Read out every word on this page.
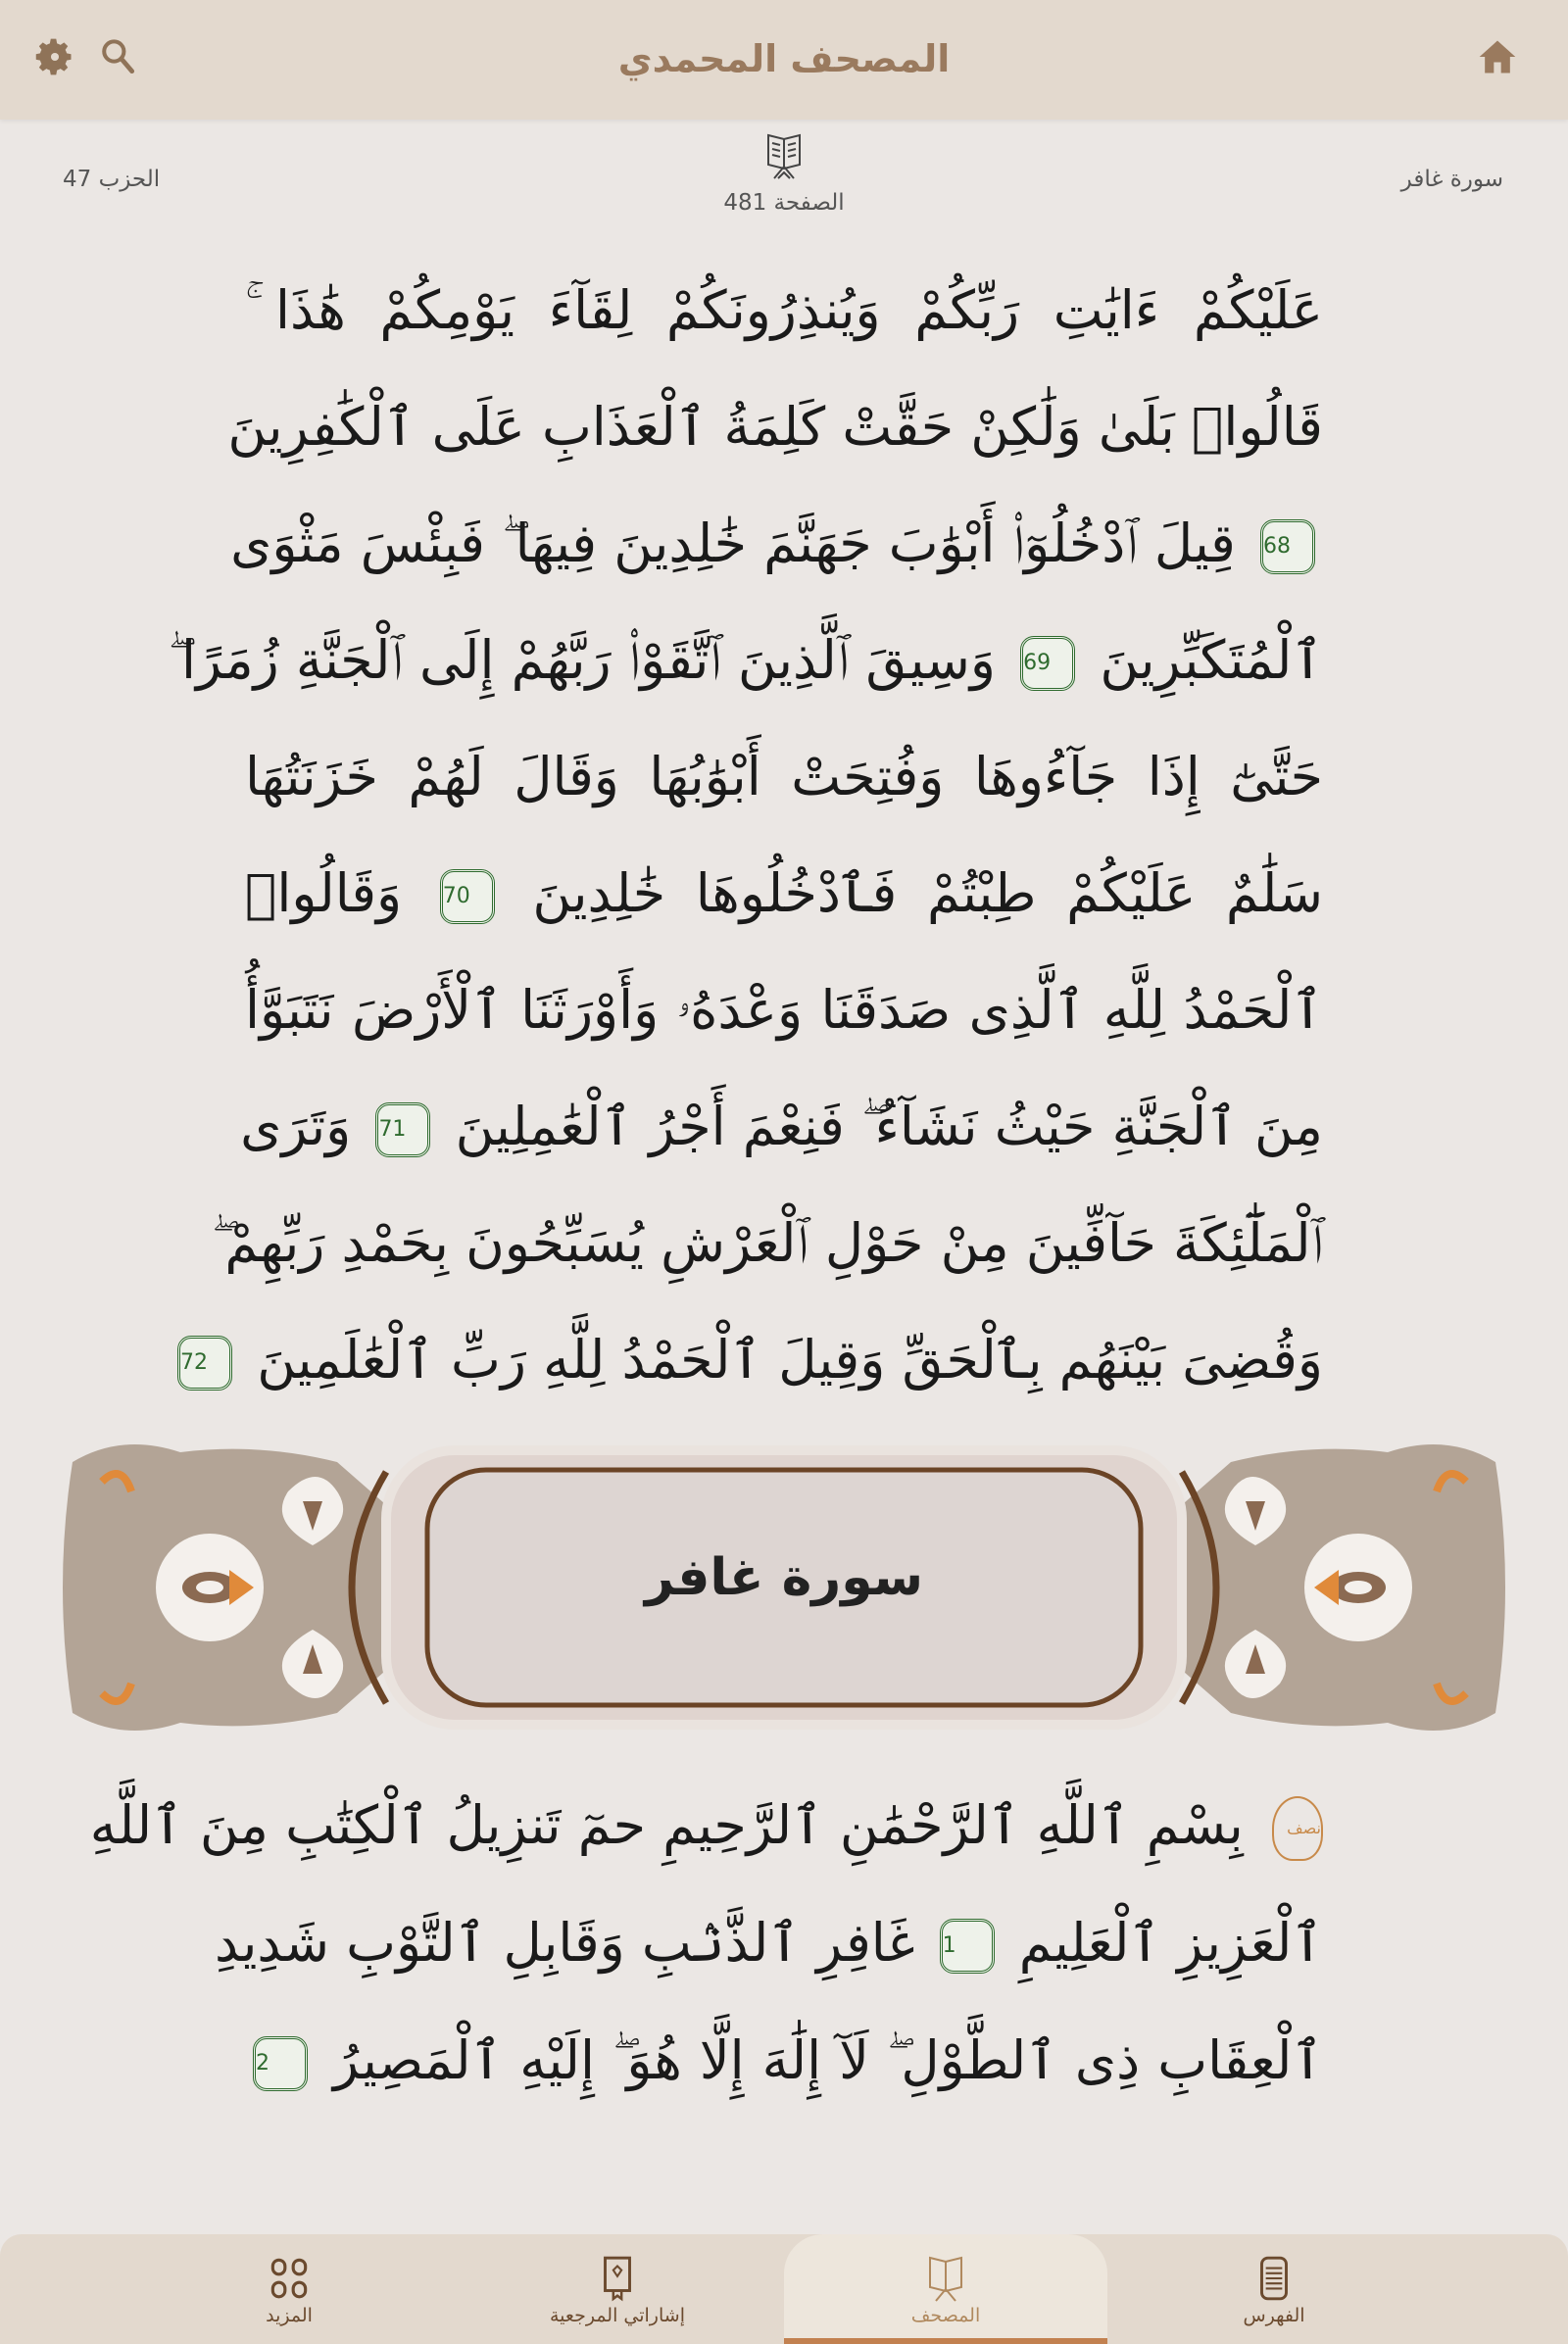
المصحف المحمدي
سورة غافر
الصفحة 481
الحزب 47
عَلَيْكُمْ ءَايَٰتِ رَبِّكُمْ وَيُنذِرُونَكُمْ لِقَآءَ يَوْمِكُمْ هَٰذَا ۚ
قَالُوا۟ بَلَىٰ وَلَٰكِنْ حَقَّتْ كَلِمَةُ ٱلْعَذَابِ عَلَى ٱلْكَٰفِرِينَ
68 قِيلَ ٱدْخُلُوٓا۟ أَبْوَٰبَ جَهَنَّمَ خَٰلِدِينَ فِيهَا ۖ فَبِئْسَ مَثْوَى
ٱلْمُتَكَبِّرِينَ 69 وَسِيقَ ٱلَّذِينَ ٱتَّقَوْا۟ رَبَّهُمْ إِلَى ٱلْجَنَّةِ زُمَرًا ۖ
حَتَّىٰٓ إِذَا جَآءُوهَا وَفُتِحَتْ أَبْوَٰبُهَا وَقَالَ لَهُمْ خَزَنَتُهَا
سَلَٰمٌ عَلَيْكُمْ طِبْتُمْ فَٱدْخُلُوهَا خَٰلِدِينَ 70 وَقَالُوا۟
ٱلْحَمْدُ لِلَّهِ ٱلَّذِى صَدَقَنَا وَعْدَهُۥ وَأَوْرَثَنَا ٱلْأَرْضَ نَتَبَوَّأُ
مِنَ ٱلْجَنَّةِ حَيْثُ نَشَآءُ ۖ فَنِعْمَ أَجْرُ ٱلْعَٰمِلِينَ 71 وَتَرَى
ٱلْمَلَٰٓئِكَةَ حَآفِّينَ مِنْ حَوْلِ ٱلْعَرْشِ يُسَبِّحُونَ بِحَمْدِ رَبِّهِمْ ۖ
وَقُضِىَ بَيْنَهُم بِٱلْحَقِّ وَقِيلَ ٱلْحَمْدُ لِلَّهِ رَبِّ ٱلْعَٰلَمِينَ 72
سورة غافر
نصف بِسْمِ ٱللَّهِ ٱلرَّحْمَٰنِ ٱلرَّحِيمِ حمٓ تَنزِيلُ ٱلْكِتَٰبِ مِنَ ٱللَّهِ
ٱلْعَزِيزِ ٱلْعَلِيمِ 1 غَافِرِ ٱلذَّنۢبِ وَقَابِلِ ٱلتَّوْبِ شَدِيدِ
ٱلْعِقَابِ ذِى ٱلطَّوْلِ ۖ لَآ إِلَٰهَ إِلَّا هُوَ ۖ إِلَيْهِ ٱلْمَصِيرُ 2
الفهرس
المصحف
إشاراتي المرجعية
المزيد
